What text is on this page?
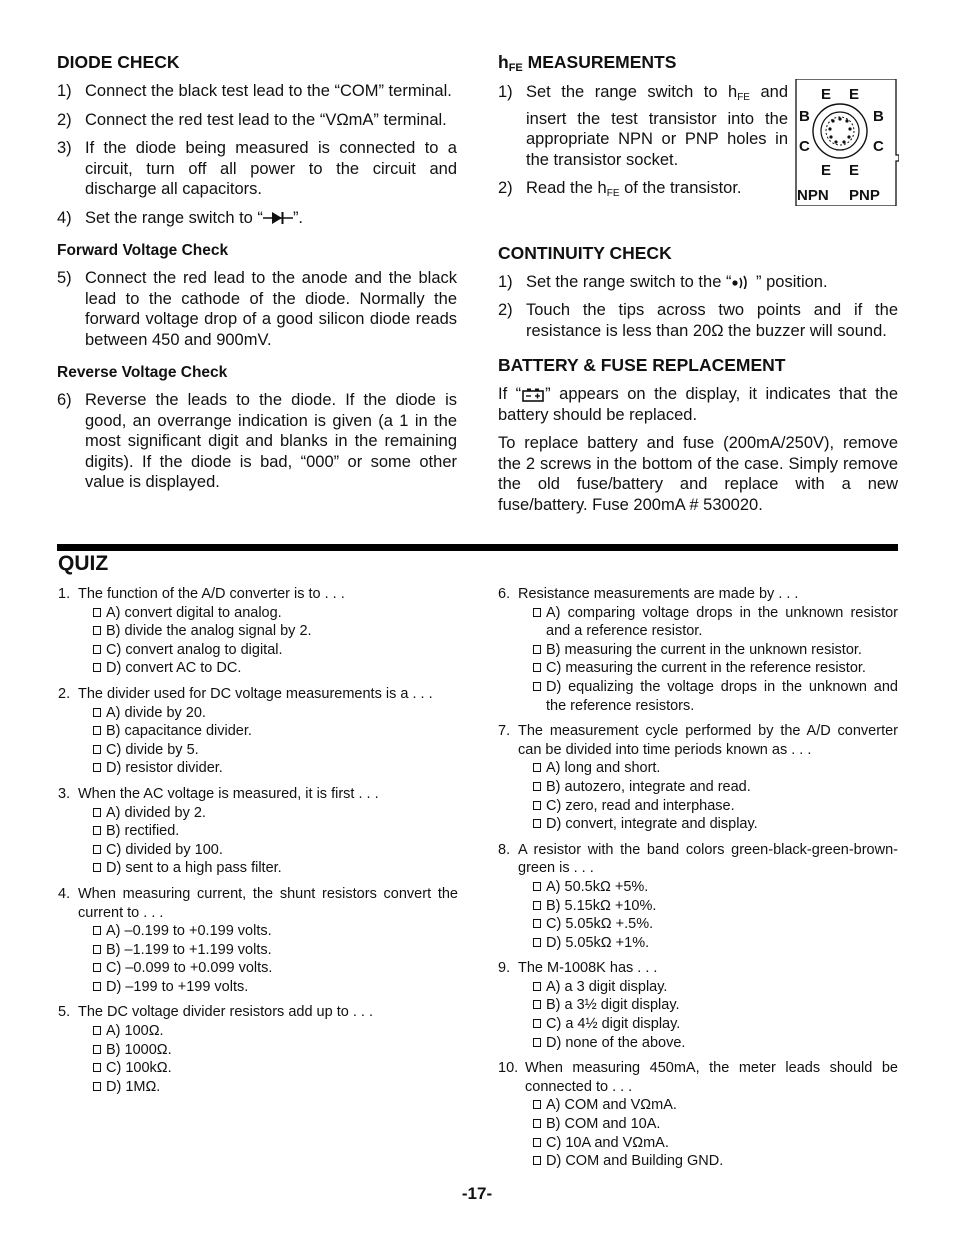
DIODE CHECK
1) Connect the black test lead to the “COM” terminal.
2) Connect the red test lead to the “VΩmA” terminal.
3) If the diode being measured is connected to a circuit, turn off all power to the circuit and discharge all capacitors.
4) Set the range switch to “ ”.
Forward Voltage Check
5) Connect the red lead to the anode and the black lead to the cathode of the diode. Normally the forward voltage drop of a good silicon diode reads between 450 and 900mV.
Reverse Voltage Check
6) Reverse the leads to the diode. If the diode is good, an overrange indication is given (a 1 in the most significant digit and blanks in the remaining digits). If the diode is bad, “000” or some other value is displayed.
hFE MEASUREMENTS
1) Set the range switch to $h_{FE}$ and insert the test transistor into the appropriate NPN or PNP holes in the transistor socket.
2) Read the $h_{FE}$ of the transistor.
CONTINUITY CHECK
1) Set the range switch to the “ ” position.
2) Touch the tips across two points and if the resistance is less than 20Ω the buzzer will sound.
BATTERY & FUSE REPLACEMENT

If “ ” appears on the display, it indicates that the battery should be replaced.

To replace battery and fuse (200mA/250V), remove the 2 screws in the bottom of the case. Simply remove the old fuse/battery and replace with a new fuse/battery. Fuse 200mA # 530020.

E E
B	B
C	C
E E
NPN PNP
QUIZ
1. The function of the A/D converter is to . . .
A) convert digital to analog.
B) divide the analog signal by 2.
C) convert analog to digital.
D) convert AC to DC.
2. The divider used for DC voltage measurements is a . . .
A) divide by 20.
B) capacitance divider.
C) divide by 5.
D) resistor divider.
3. When the AC voltage is measured, it is first . . .
A) divided by 2.
B) rectified.
C) divided by 100.
D) sent to a high pass filter.
4. When measuring current, the shunt resistors convert the current to . . .
A) –0.199 to +0.199 volts.
B) –1.199 to +1.199 volts.
C) –0.099 to +0.099 volts.
D) –199 to +199 volts.
5. The DC voltage divider resistors add up to . . .
A) 100Ω.
B) 1000Ω.
C) 100kΩ.
D) 1MΩ.
6. Resistance measurements are made by . . .
A) comparing voltage drops in the unknown resistor and a reference resistor.
B) measuring the current in the unknown resistor.
C) measuring the current in the reference resistor.
D) equalizing the voltage drops in the unknown and the reference resistors.
7. The measurement cycle performed by the A/D converter can be divided into time periods known as . . .
A) long and short.
B) autozero, integrate and read.
C) zero, read and interphase.
D) convert, integrate and display.
8. A resistor with the band colors green-black-green-brown-green is . . .
A) 50.5kΩ +5%.
B) 5.15kΩ +10%.
C) 5.05kΩ +.5%.
D) 5.05kΩ +1%.
9. The M-1008K has . . .
A) a 3 digit display.
B) a 3½ digit display.
C) a 4½ digit display.
D) none of the above.
10. When measuring 450mA, the meter leads should be connected to . . .
A) COM and VΩmA.
B) COM and 10A.
C) 10A and VΩmA.
D) COM and Building GND.
-17-
